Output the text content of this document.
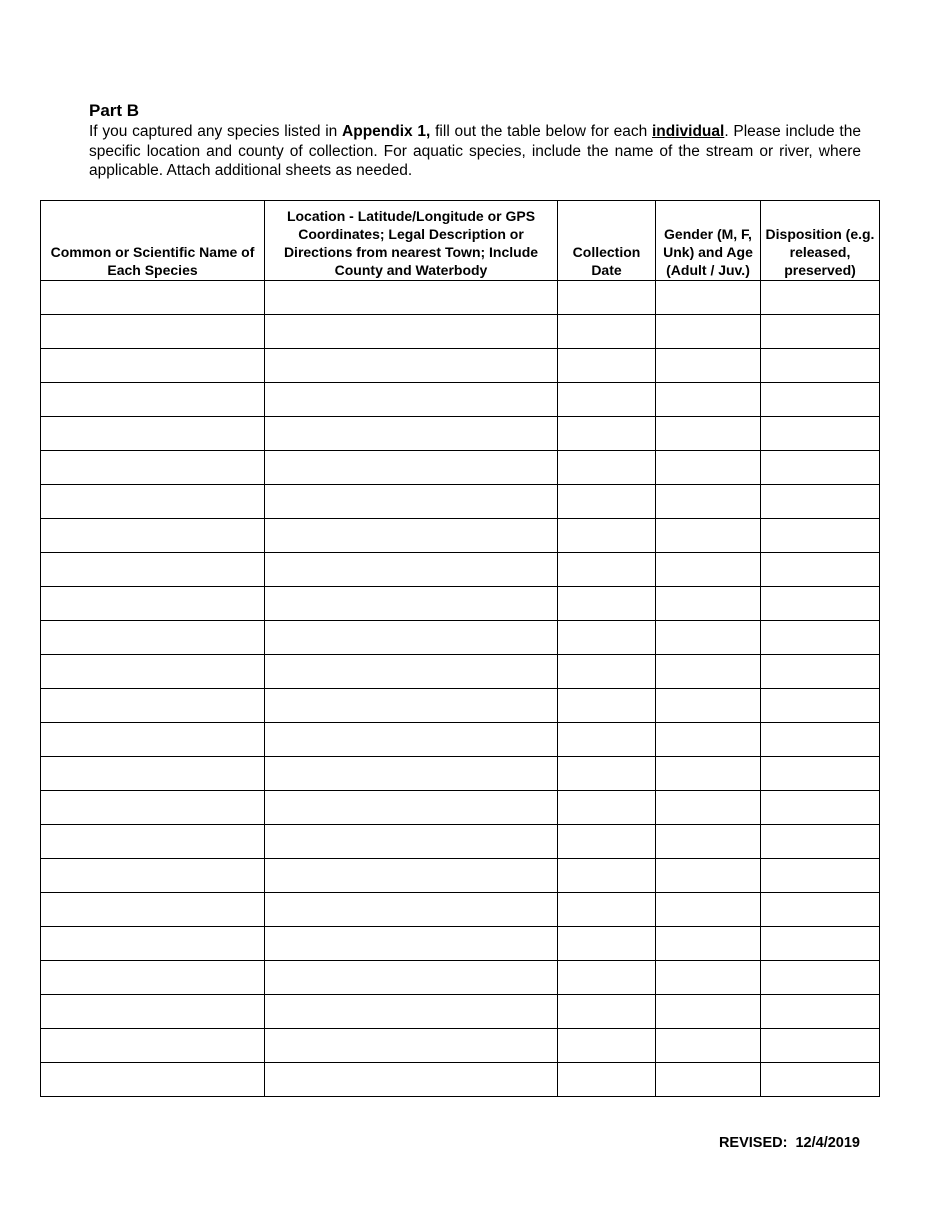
Part B

If you captured any species listed in Appendix 1, fill out the table below for each individual. Please include the specific location and county of collection. For aquatic species, include the name of the stream or river, where applicable. Attach additional sheets as needed.

Common or Scientific Name of Each Species	Location - Latitude/Longitude or GPS Coordinates; Legal Description or Directions from nearest Town; Include County and Waterbody	Collection Date	Gender (M, F, Unk) and Age (Adult / Juv.)	Disposition (e.g. released, preserved)

REVISED:  12/4/2019
